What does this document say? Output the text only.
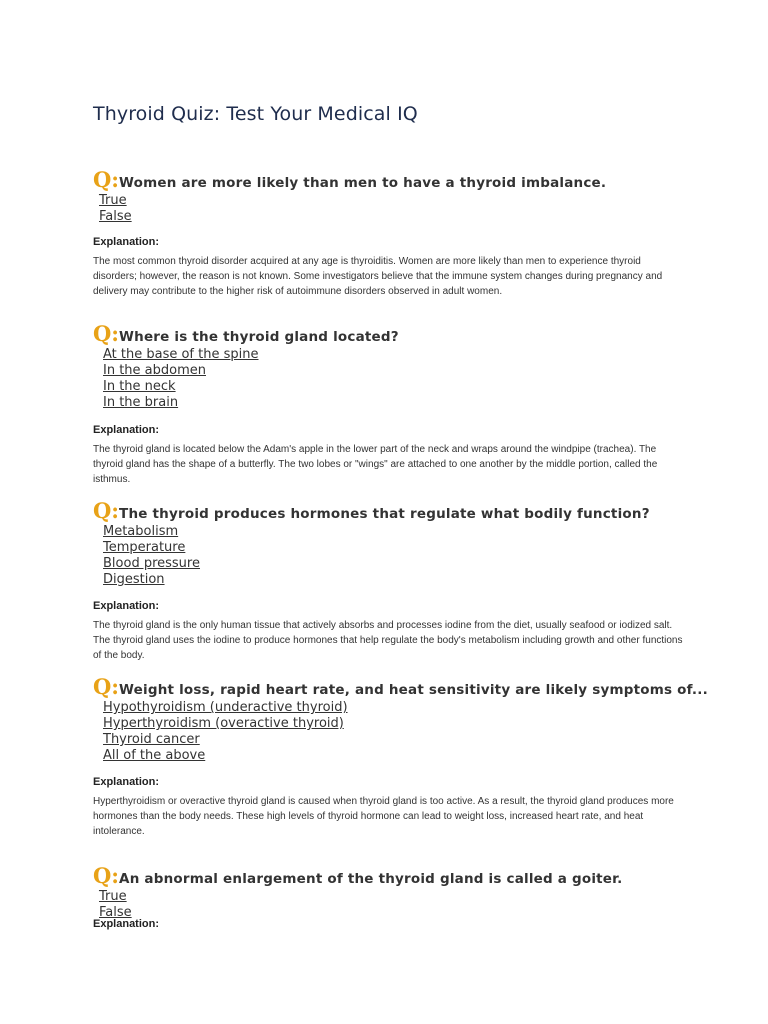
Thyroid Quiz: Test Your Medical IQ

Q:Women are more likely than men to have a thyroid imbalance.

True
False

Explanation:

The most common thyroid disorder acquired at any age is thyroiditis. Women are more likely than men to experience thyroid disorders; however, the reason is not known. Some investigators believe that the immune system changes during pregnancy and delivery may contribute to the higher risk of autoimmune disorders observed in adult women.

Q:Where is the thyroid gland located?

At the base of the spine
In the abdomen
In the neck
In the brain

Explanation:

The thyroid gland is located below the Adam's apple in the lower part of the neck and wraps around the windpipe (trachea). The thyroid gland has the shape of a butterfly. The two lobes or "wings" are attached to one another by the middle portion, called the isthmus.

Q:The thyroid produces hormones that regulate what bodily function?

Metabolism
Temperature
Blood pressure
Digestion

Explanation:

The thyroid gland is the only human tissue that actively absorbs and processes iodine from the diet, usually seafood or iodized salt. The thyroid gland uses the iodine to produce hormones that help regulate the body's metabolism including growth and other functions of the body.

Q:Weight loss, rapid heart rate, and heat sensitivity are likely symptoms of...

Hypothyroidism (underactive thyroid)
Hyperthyroidism (overactive thyroid)
Thyroid cancer
All of the above

Explanation:

Hyperthyroidism or overactive thyroid gland is caused when thyroid gland is too active. As a result, the thyroid gland produces more hormones than the body needs. These high levels of thyroid hormone can lead to weight loss, increased heart rate, and heat intolerance.

Q:An abnormal enlargement of the thyroid gland is called a goiter.

True
False

Explanation:
